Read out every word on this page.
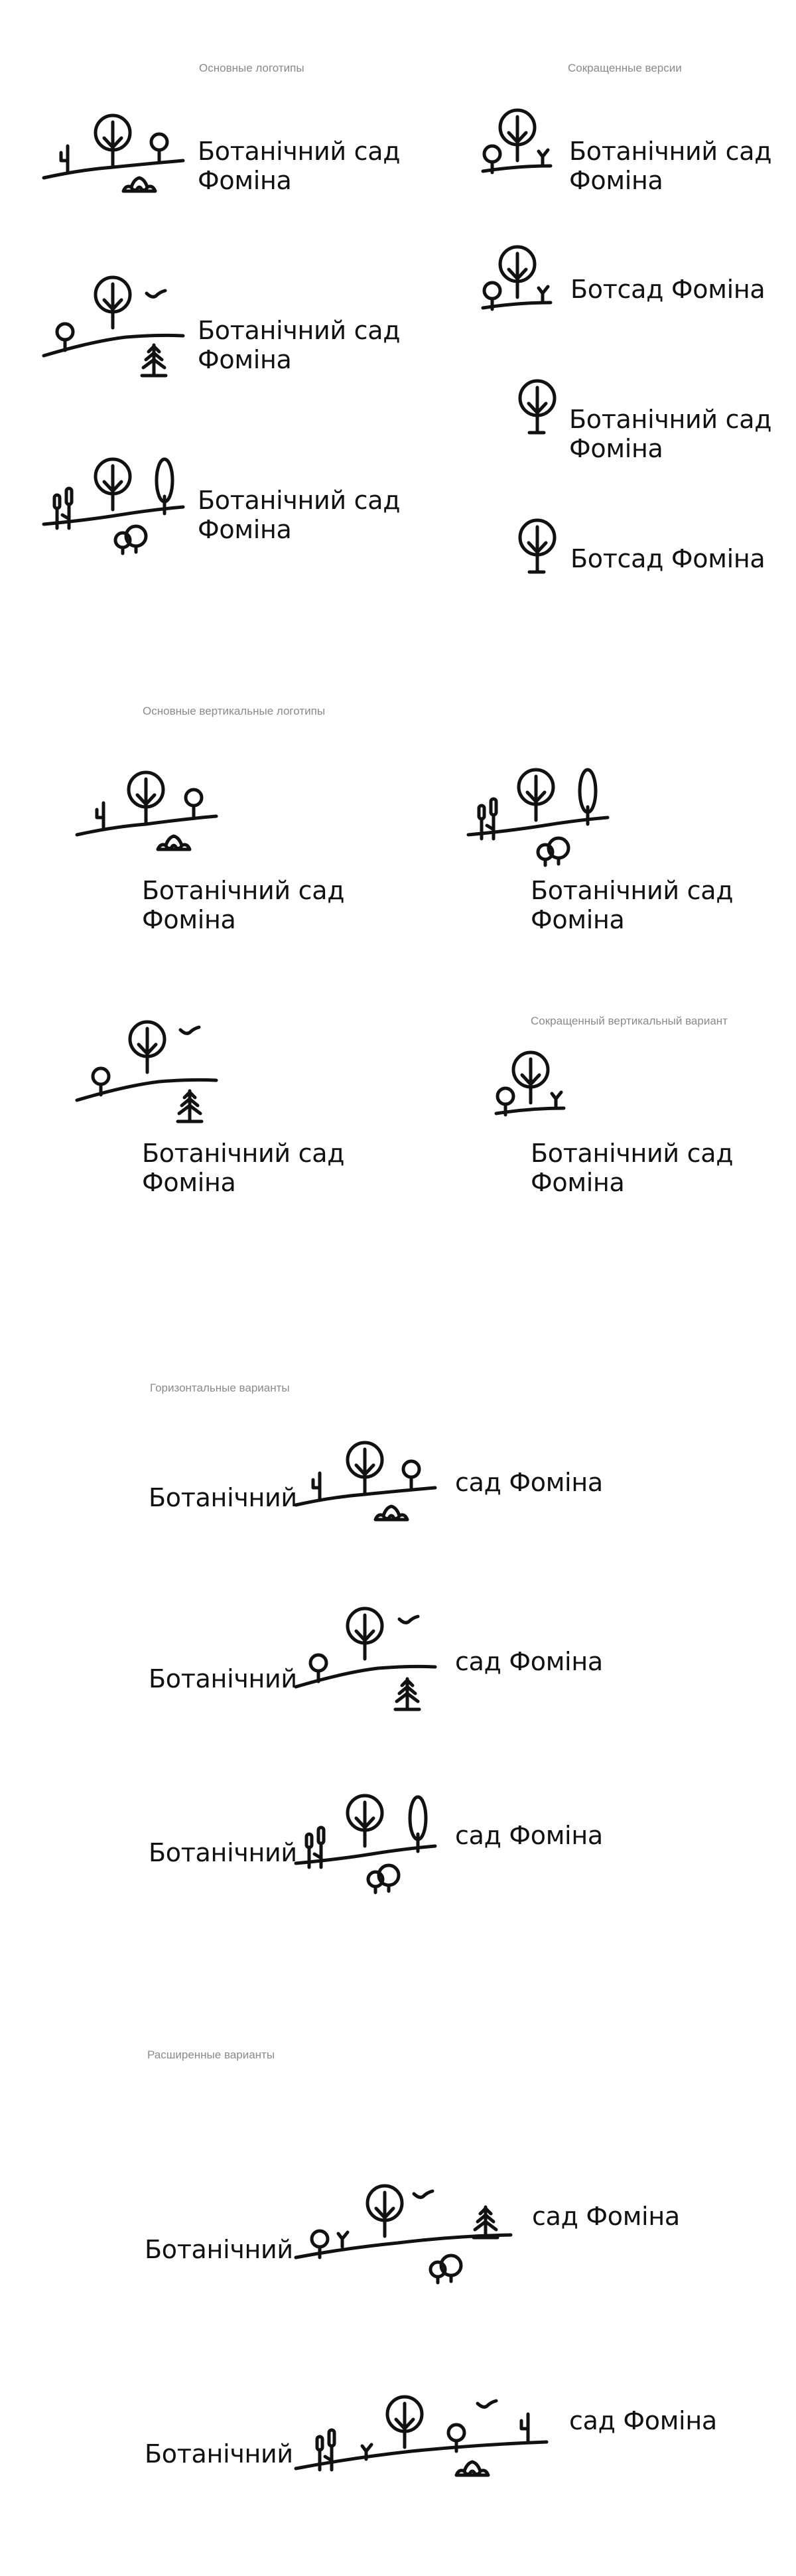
Основные логотипы	Сокращенные версии
Ботанічний сад
Фоміна
Ботанічний сад
Фоміна
Ботанічний сад
Фоміна
Ботанічний сад
Фоміна
Ботсад Фоміна
Ботанічний сад
Фоміна
Ботсад Фоміна
Основные вертикальные логотипы
Сокращенный вертикальный вариант
Ботанічний сад
Фоміна
Ботанічний сад
Фоміна
Ботанічний сад
Фоміна
Ботанічний сад
Фоміна
Горизонтальные варианты
Ботанічний
сад Фоміна
Ботанічний
сад Фоміна
Ботанічний
сад Фоміна
Расширенные варианты
Ботанічний
сад Фоміна
Ботанічний
сад Фоміна
